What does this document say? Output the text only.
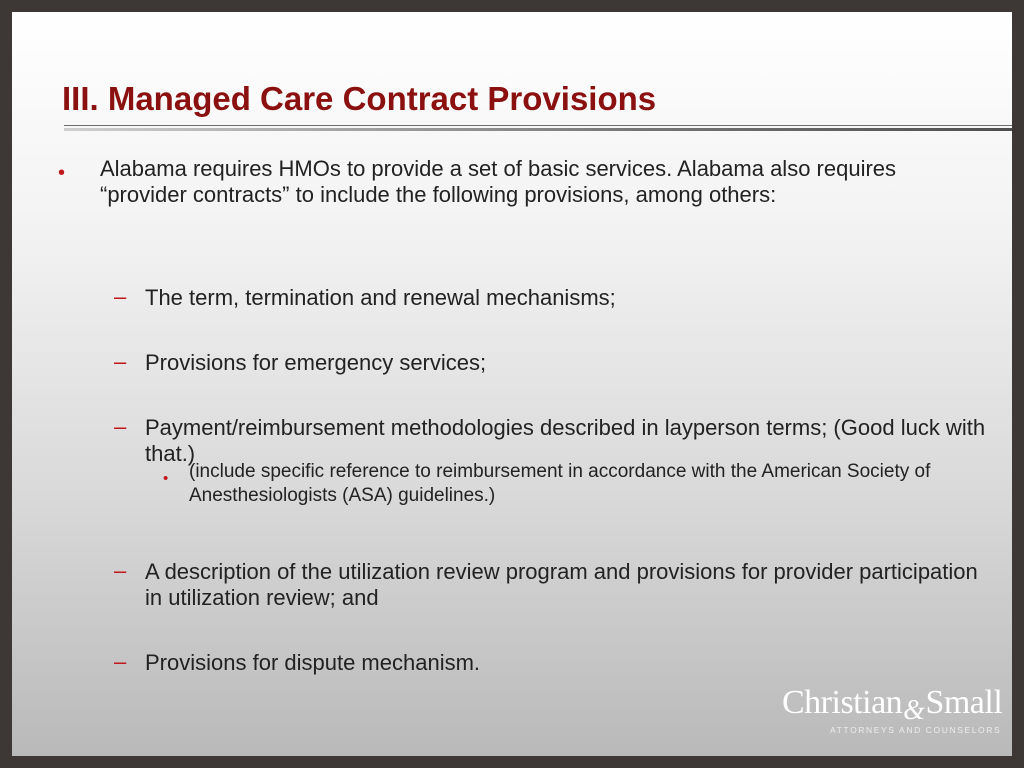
III. Managed Care Contract Provisions
• Alabama requires HMOs to provide a set of basic services. Alabama also requires “provider contracts” to include the following provisions, among others:
– The term, termination and renewal mechanisms;
– Provisions for emergency services;
– Payment/reimbursement methodologies described in layperson terms; (Good luck with that.)
• (include specific reference to reimbursement in accordance with the American Society of Anesthesiologists (ASA) guidelines.)
– A description of the utilization review program and provisions for provider participation in utilization review; and
– Provisions for dispute mechanism.
Christian&Small
ATTORNEYS AND COUNSELORS
